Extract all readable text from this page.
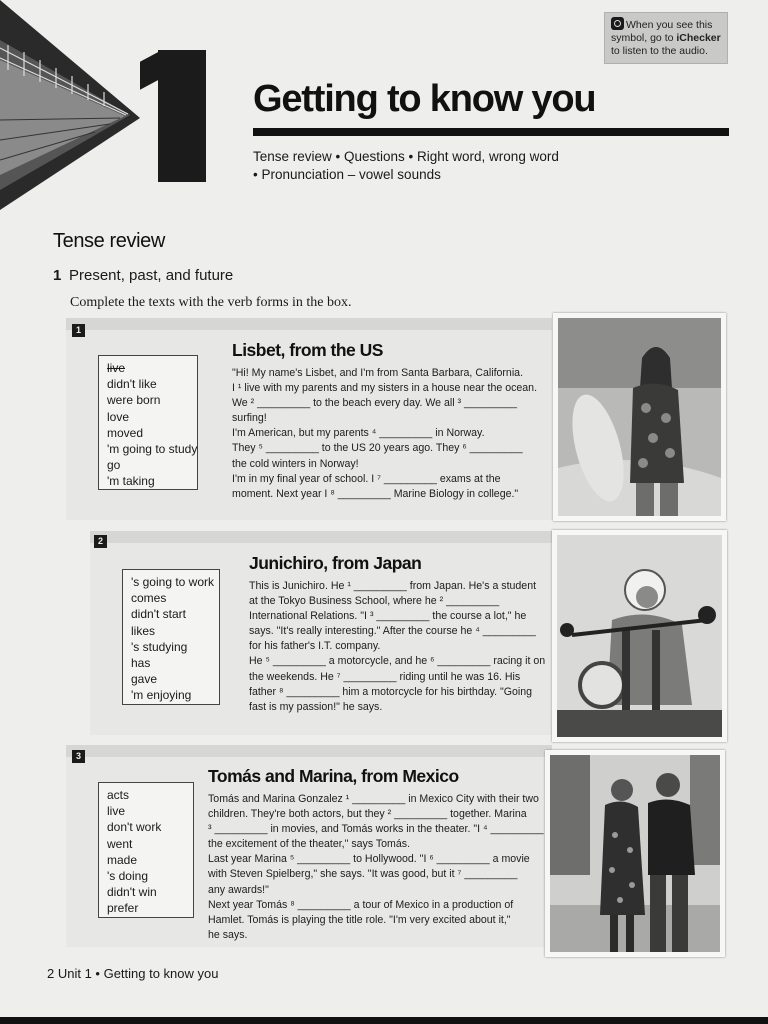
Getting to know you
Tense review • Questions • Right word, wrong word
• Pronunciation – vowel sounds
When you see this
symbol, go to iChecker
to listen to the audio.
Tense review
1 Present, past, and future
Complete the texts with the verb forms in the box.
1
live
didn't like
were born
love
moved
'm going to study
go
'm taking
Lisbet, from the US

"Hi! My name's Lisbet, and I'm from Santa Barbara, California.

I ¹ live with my parents and my sisters in a house near the ocean.

We ² _________ to the beach every day. We all ³ _________

surfing!

I'm American, but my parents ⁴ _________ in Norway.

They ⁵ _________ to the US 20 years ago. They ⁶ _________

the cold winters in Norway!

I'm in my final year of school. I ⁷ _________ exams at the

moment. Next year I ⁸ _________ Marine Biology in college."

2
's going to work
comes
didn't start
likes
's studying
has
gave
'm enjoying
Junichiro, from Japan

This is Junichiro. He ¹ _________ from Japan. He's a student

at the Tokyo Business School, where he ² _________

International Relations. "I ³ _________ the course a lot," he

says. "It's really interesting." After the course he ⁴ _________

for his father's I.T. company.

He ⁵ _________ a motorcycle, and he ⁶ _________ racing it on

the weekends. He ⁷ _________ riding until he was 16. His

father ⁸ _________ him a motorcycle for his birthday. "Going

fast is my passion!" he says.

3
acts
live
don't work
went
made
's doing
didn't win
prefer
Tomás and Marina, from Mexico

Tomás and Marina Gonzalez ¹ _________ in Mexico City with their two

children. They're both actors, but they ² _________ together. Marina

³ _________ in movies, and Tomás works in the theater. "I ⁴ _________

the excitement of the theater," says Tomás.

Last year Marina ⁵ _________ to Hollywood. "I ⁶ _________ a movie

with Steven Spielberg," she says. "It was good, but it ⁷ _________

any awards!"

Next year Tomás ⁸ _________ a tour of Mexico in a production of

Hamlet. Tomás is playing the title role. "I'm very excited about it,"

he says.

2 Unit 1 • Getting to know you
